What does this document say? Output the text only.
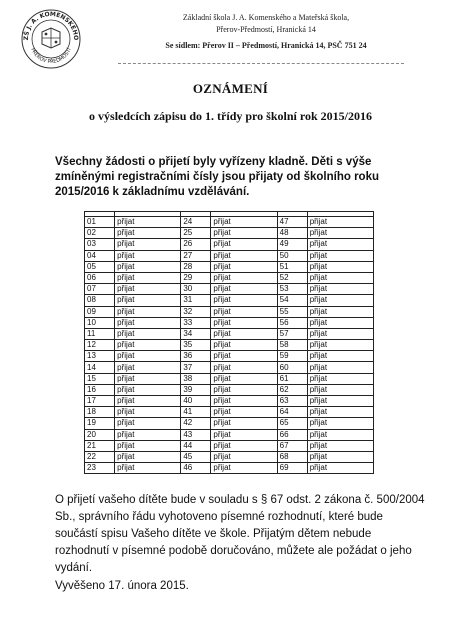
ZŠ J. A. KOMENSKÉHO
PŘEROV PŘEDMOSTÍ
Základní škola J. A. Komenského a Mateřská škola,
Přerov-Předmostí, Hranická 14
Se sídlem: Přerov II – Předmostí, Hranická 14, PSČ 751 24
OZNÁMENÍ
o výsledcích zápisu do 1. třídy pro školní rok 2015/2016
Všechny žádosti o přijetí byly vyřízeny kladně. Děti s výše zmíněnými registračními čísly jsou přijaty od školního roku 2015/2016 k základnímu vzdělávání.

01	přijat	24	přijat	47	přijat
02	přijat	25	přijat	48	přijat
03	přijat	26	přijat	49	přijat
04	přijat	27	přijat	50	přijat
05	přijat	28	přijat	51	přijat
06	přijat	29	přijat	52	přijat
07	přijat	30	přijat	53	přijat
08	přijat	31	přijat	54	přijat
09	přijat	32	přijat	55	přijat
10	přijat	33	přijat	56	přijat
11	přijat	34	přijat	57	přijat
12	přijat	35	přijat	58	přijat
13	přijat	36	přijat	59	přijat
14	přijat	37	přijat	60	přijat
15	přijat	38	přijat	61	přijat
16	přijat	39	přijat	62	přijat
17	přijat	40	přijat	63	přijat
18	přijat	41	přijat	64	přijat
19	přijat	42	přijat	65	přijat
20	přijat	43	přijat	66	přijat
21	přijat	44	přijat	67	přijat
22	přijat	45	přijat	68	přijat
23	přijat	46	přijat	69	přijat
O přijetí vašeho dítěte bude v souladu s § 67 odst. 2 zákona č. 500/2004 Sb., správního řádu vyhotoveno písemné rozhodnutí, které bude součástí spisu Vašeho dítěte ve škole. Přijatým dětem nebude rozhodnutí v písemné podobě doručováno, můžete ale požádat o jeho vydání.
Vyvěšeno 17. února 2015.
